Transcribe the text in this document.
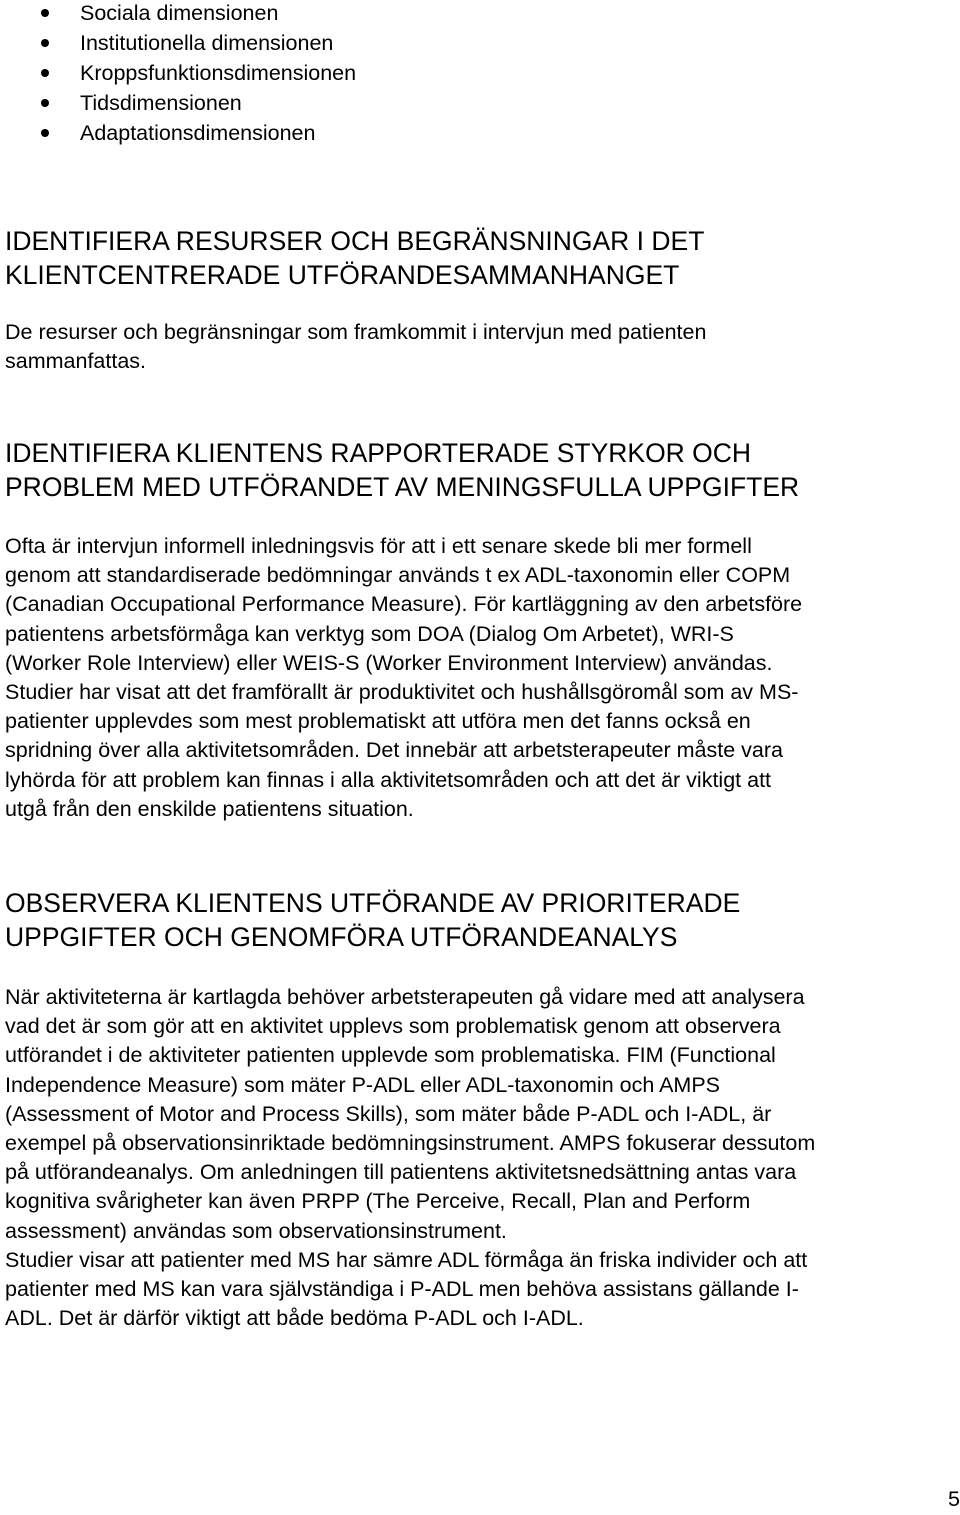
Sociala dimensionen
Institutionella dimensionen
Kroppsfunktionsdimensionen
Tidsdimensionen
Adaptationsdimensionen
IDENTIFIERA RESURSER OCH BEGRÄNSNINGAR I DET
KLIENTCENTRERADE UTFÖRANDESAMMANHANGET

De resurser och begränsningar som framkommit i intervjun med patienten
sammanfattas.

IDENTIFIERA KLIENTENS RAPPORTERADE STYRKOR OCH
PROBLEM MED UTFÖRANDET AV MENINGSFULLA UPPGIFTER

Ofta är intervjun informell inledningsvis för att i ett senare skede bli mer formell
genom att standardiserade bedömningar används t ex ADL-taxonomin eller COPM
(Canadian Occupational Performance Measure). För kartläggning av den arbetsföre
patientens arbetsförmåga kan verktyg som DOA (Dialog Om Arbetet), WRI-S
(Worker Role Interview) eller WEIS-S (Worker Environment Interview) användas.
Studier har visat att det framförallt är produktivitet och hushållsgöromål som av MS-
patienter upplevdes som mest problematiskt att utföra men det fanns också en
spridning över alla aktivitetsområden. Det innebär att arbetsterapeuter måste vara
lyhörda för att problem kan finnas i alla aktivitetsområden och att det är viktigt att
utgå från den enskilde patientens situation.

OBSERVERA KLIENTENS UTFÖRANDE AV PRIORITERADE
UPPGIFTER OCH GENOMFÖRA UTFÖRANDEANALYS

När aktiviteterna är kartlagda behöver arbetsterapeuten gå vidare med att analysera
vad det är som gör att en aktivitet upplevs som problematisk genom att observera
utförandet i de aktiviteter patienten upplevde som problematiska. FIM (Functional
Independence Measure) som mäter P-ADL eller ADL-taxonomin och AMPS
(Assessment of Motor and Process Skills), som mäter både P-ADL och I-ADL, är
exempel på observationsinriktade bedömningsinstrument. AMPS fokuserar dessutom
på utförandeanalys. Om anledningen till patientens aktivitetsnedsättning antas vara
kognitiva svårigheter kan även PRPP (The Perceive, Recall, Plan and Perform
assessment) användas som observationsinstrument.
Studier visar att patienter med MS har sämre ADL förmåga än friska individer och att
patienter med MS kan vara självständiga i P-ADL men behöva assistans gällande I-
ADL. Det är därför viktigt att både bedöma P-ADL och I-ADL.

5
